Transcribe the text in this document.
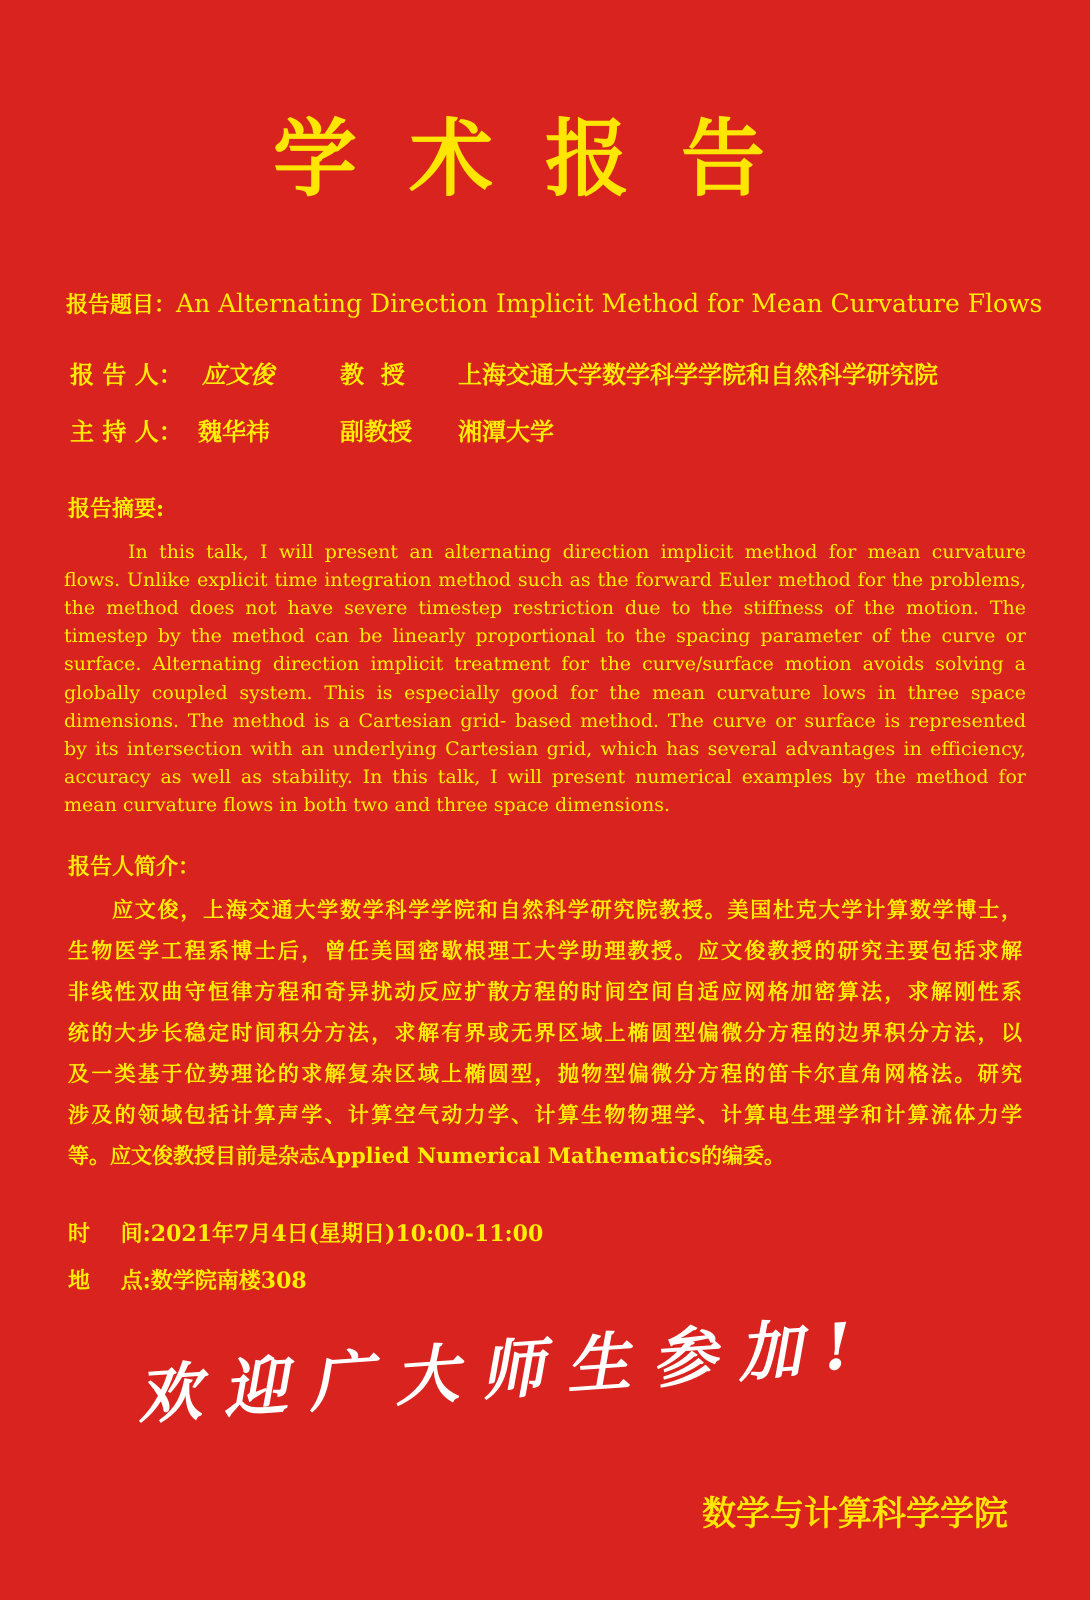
学术报告
报告题目：An Alternating Direction Implicit Method for Mean Curvature Flows
报 告 人： 应文俊	教  授 上海交通大学数学科学学院和自然科学研究院
主 持 人： 魏华祎	副教授 湘潭大学
报告摘要:
In this talk, I will present an alternating direction implicit method for mean curvature
flows. Unlike explicit time integration method such as the forward Euler method for the problems,
the method does not have severe timestep restriction due to the stiffness of the motion. The
timestep by the method can be linearly proportional to the spacing parameter of the curve or
surface. Alternating direction implicit treatment for the curve/surface motion avoids solving a
globally coupled system. This is especially good for the mean curvature lows in three space
dimensions. The method is a Cartesian grid- based method. The curve or surface is represented
by its intersection with an underlying Cartesian grid, which has several advantages in efficiency,
accuracy as well as stability. In this talk, I will present numerical examples by the method for
mean curvature flows in both two and three space dimensions.
报告人简介：
应文俊，上海交通大学数学科学学院和自然科学研究院教授。美国杜克大学计算数学博士，
生物医学工程系博士后，曾任美国密歇根理工大学助理教授。应文俊教授的研究主要包括求解
非线性双曲守恒律方程和奇异扰动反应扩散方程的时间空间自适应网格加密算法，求解刚性系
统的大步长稳定时间积分方法，求解有界或无界区域上椭圆型偏微分方程的边界积分方法，以
及一类基于位势理论的求解复杂区域上椭圆型，抛物型偏微分方程的笛卡尔直角网格法。研究
涉及的领域包括计算声学、计算空气动力学、计算生物物理学、计算电生理学和计算流体力学
等。应文俊教授目前是杂志Applied Numerical Mathematics的编委。
时    间:2021年7月4日(星期日)10:00-11:00
地    点:数学院南楼308
欢迎广大师生参加!
数学与计算科学学院
